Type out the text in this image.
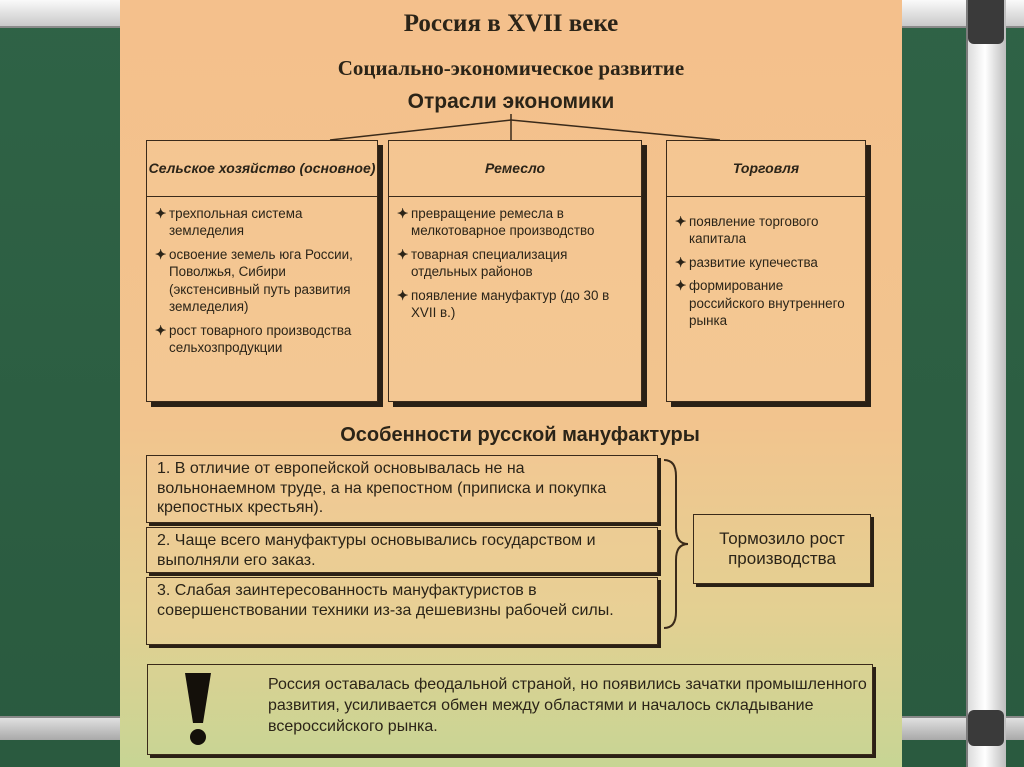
Россия в XVII веке
Социально-экономическое развитие
Отрасли экономики
Сельское хозяйство (основное)
✦ трехпольная система земледелия
✦ освоение земель юга России, Поволжья, Сибири (экстенсивный путь развития земледелия)
✦ рост товарного производства сельхозпродукции
Ремесло
✦ превращение ремесла в мелкотоварное производство
✦ товарная специализация отдельных районов
✦ появление мануфактур (до 30 в XVII в.)
Торговля
✦ появление торгового капитала
✦ развитие купечества
✦ формирование российского внутреннего рынка
Особенности русской мануфактуры
1. В отличие от европейской основывалась не на вольнонаемном труде, а на крепостном (приписка и покупка крепостных крестьян).
2. Чаще всего мануфактуры основывались государством и выполняли его заказ.
3. Слабая заинтересованность мануфактуристов в совершенствовании техники из-за дешевизны рабочей силы.
Тормозило рост производства
Россия оставалась феодальной страной, но появились зачатки промышленного развития, усиливается обмен между областями и началось складывание всероссийского рынка.
